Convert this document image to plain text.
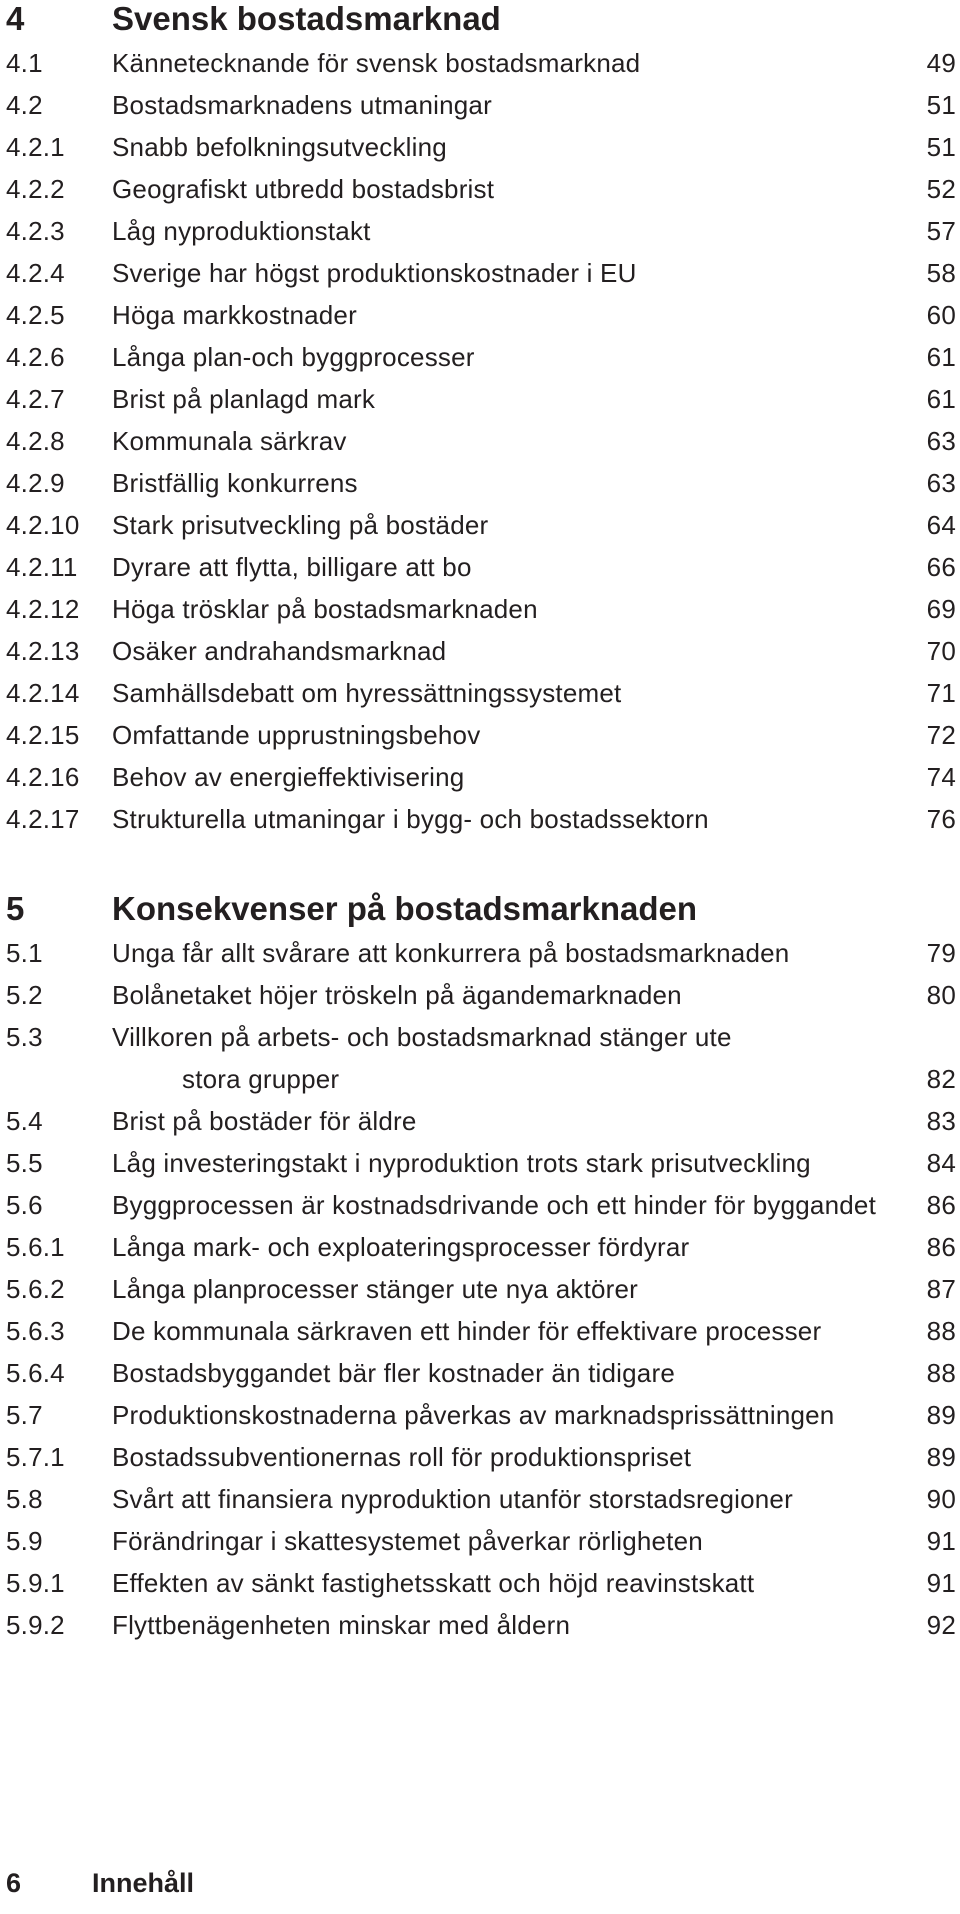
4	Svensk bostadsmarknad
4.1	Kännetecknande för svensk bostadsmarknad	49
4.2	Bostadsmarknadens utmaningar	51
4.2.1 Snabb befolkningsutveckling	51
4.2.2 Geografiskt utbredd bostadsbrist	52
4.2.3 Låg nyproduktionstakt	57
4.2.4 Sverige har högst produktionskostnader i EU	58
4.2.5 Höga markkostnader	60
4.2.6 Långa plan-och byggprocesser	61
4.2.7 Brist på planlagd mark	61
4.2.8 Kommunala särkrav	63
4.2.9 Bristfällig konkurrens	63
4.2.10 Stark prisutveckling på bostäder	64
4.2.11 Dyrare att flytta, billigare att bo	66
4.2.12 Höga trösklar på bostadsmarknaden	69
4.2.13 Osäker andrahandsmarknad	70
4.2.14 Samhällsdebatt om hyressättningssystemet	71
4.2.15 Omfattande upprustningsbehov	72
4.2.16 Behov av energieffektivisering	74
4.2.17 Strukturella utmaningar i bygg- och bostadssektorn	76
5	Konsekvenser på bostadsmarknaden
5.1	Unga får allt svårare att konkurrera på bostadsmarknaden	79
5.2	Bolånetaket höjer tröskeln på ägandemarknaden	80
5.3	Villkoren på arbets- och bostadsmarknad stänger ute
stora grupper	82
5.4	Brist på bostäder för äldre	83
5.5	Låg investeringstakt i nyproduktion trots stark prisutveckling	84
5.6	Byggprocessen är kostnadsdrivande och ett hinder för byggandet	86
5.6.1 Långa mark- och exploateringsprocesser fördyrar	86
5.6.2 Långa planprocesser stänger ute nya aktörer	87
5.6.3 De kommunala särkraven ett hinder för effektivare processer	88
5.6.4 Bostadsbyggandet bär fler kostnader än tidigare	88
5.7	Produktionskostnaderna påverkas av marknadsprissättningen	89
5.7.1 Bostadssubventionernas roll för produktionspriset	89
5.8	Svårt att finansiera nyproduktion utanför storstadsregioner	90
5.9	Förändringar i skattesystemet påverkar rörligheten	91
5.9.1 Effekten av sänkt fastighetsskatt och höjd reavinstskatt	91
5.9.2 Flyttbenägenheten minskar med åldern	92
6	Innehåll
